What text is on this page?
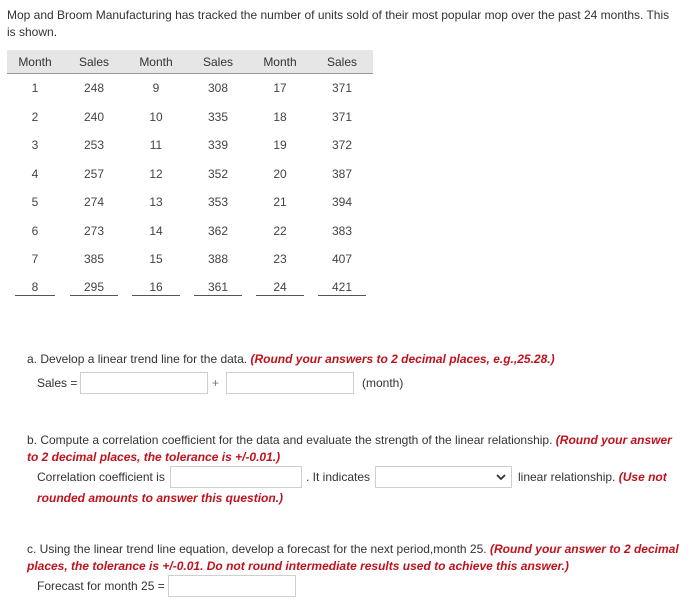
Mop and Broom Manufacturing has tracked the number of units sold of their most popular mop over the past 24 months. This is shown.
Month	Sales	Month	Sales	Month	Sales
1	248	9	308	17	371
2	240	10	335	18	371
3	253	11	339	19	372
4	257	12	352	20	387
5	274	13	353	21	394
6	273	14	362	22	383
7	385	15	388	23	407
8	295	16	361	24	421
a. Develop a linear trend line for the data. (Round your answers to 2 decimal places, e.g.,25.28.)
Sales =	+	(month)
b. Compute a correlation coefficient for the data and evaluate the strength of the linear relationship. (Round your answer to 2 decimal places, the tolerance is +/-0.01.)
Correlation coefficient is	. It indicates	linear relationship. (Use not
rounded amounts to answer this question.)
c. Using the linear trend line equation, develop a forecast for the next period,month 25. (Round your answer to 2 decimal places, the tolerance is +/-0.01. Do not round intermediate results used to achieve this answer.)
Forecast for month 25 =
